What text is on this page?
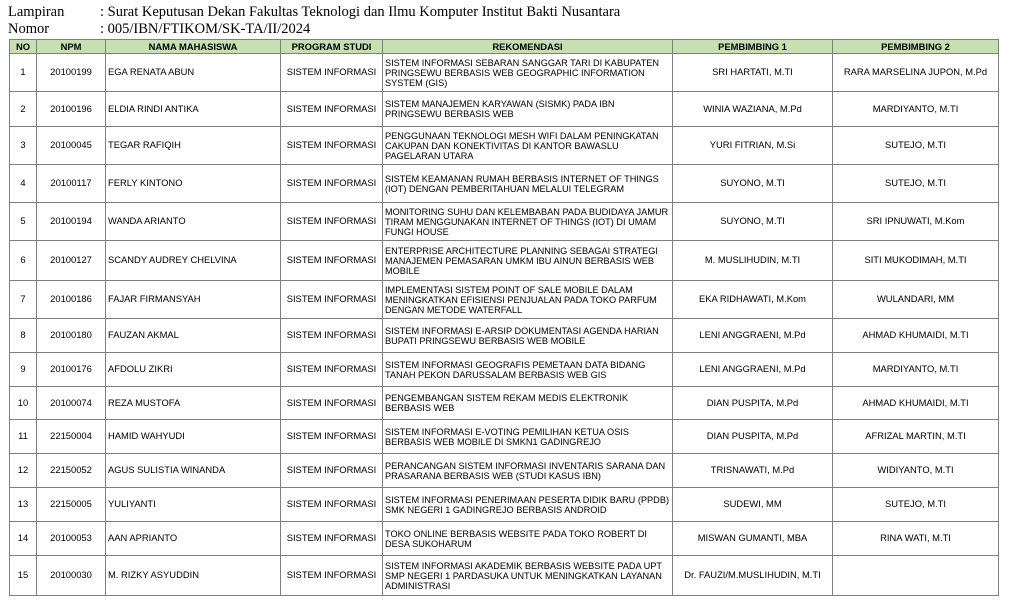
Lampiran	: Surat Keputusan Dekan Fakultas Teknologi dan Ilmu Komputer Institut Bakti Nusantara
Nomor	: 005/IBN/FTIKOM/SK-TA/II/2024
NO	NPM	NAMA MAHASISWA	PROGRAM STUDI	REKOMENDASI	PEMBIMBING 1	PEMBIMBING 2
1	20100199	EGA RENATA ABUN	SISTEM INFORMASI	SISTEM INFORMASI SEBARAN SANGGAR TARI DI KABUPATEN PRINGSEWU BERBASIS WEB GEOGRAPHIC INFORMATION SYSTEM (GIS)	SRI HARTATI, M.TI	RARA MARSELINA JUPON, M.Pd
2	20100196	ELDIA RINDI ANTIKA	SISTEM INFORMASI	SISTEM MANAJEMEN KARYAWAN (SISMK) PADA IBN PRINGSEWU BERBASIS WEB	WINIA WAZIANA, M.Pd	MARDIYANTO, M.TI
3	20100045	TEGAR RAFIQIH	SISTEM INFORMASI	PENGGUNAAN TEKNOLOGI MESH WIFI DALAM PENINGKATAN CAKUPAN DAN KONEKTIVITAS DI KANTOR BAWASLU PAGELARAN UTARA	YURI FITRIAN, M.Si	SUTEJO, M.TI
4	20100117	FERLY KINTONO	SISTEM INFORMASI	SISTEM KEAMANAN RUMAH BERBASIS INTERNET OF THINGS (IOT) DENGAN PEMBERITAHUAN MELALUI TELEGRAM	SUYONO, M.TI	SUTEJO, M.TI
5	20100194	WANDA ARIANTO	SISTEM INFORMASI	MONITORING SUHU DAN KELEMBABAN PADA BUDIDAYA JAMUR TIRAM MENGGUNAKAN INTERNET OF THINGS (IOT) DI UMAM FUNGI HOUSE	SUYONO, M.TI	SRI IPNUWATI, M.Kom
6	20100127	SCANDY AUDREY CHELVINA	SISTEM INFORMASI	ENTERPRISE ARCHITECTURE PLANNING SEBAGAI STRATEGI MANAJEMEN PEMASARAN UMKM IBU AINUN BERBASIS WEB MOBILE	M. MUSLIHUDIN, M.TI	SITI MUKODIMAH, M.TI
7	20100186	FAJAR FIRMANSYAH	SISTEM INFORMASI	IMPLEMENTASI SISTEM POINT OF SALE MOBILE DALAM MENINGKATKAN EFISIENSI PENJUALAN PADA TOKO PARFUM DENGAN METODE WATERFALL	EKA RIDHAWATI, M.Kom	WULANDARI, MM
8	20100180	FAUZAN AKMAL	SISTEM INFORMASI	SISTEM INFORMASI E-ARSIP DOKUMENTASI AGENDA HARIAN BUPATI PRINGSEWU BERBASIS WEB MOBILE	LENI ANGGRAENI, M.Pd	AHMAD KHUMAIDI, M.TI
9	20100176	AFDOLU ZIKRI	SISTEM INFORMASI	SISTEM INFORMASI GEOGRAFIS PEMETAAN DATA BIDANG TANAH PEKON DARUSSALAM BERBASIS WEB GIS	LENI ANGGRAENI, M.Pd	MARDIYANTO, M.TI
10	20100074	REZA MUSTOFA	SISTEM INFORMASI	PENGEMBANGAN SISTEM REKAM MEDIS ELEKTRONIK BERBASIS WEB	DIAN PUSPITA, M.Pd	AHMAD KHUMAIDI, M.TI
11	22150004	HAMID WAHYUDI	SISTEM INFORMASI	SISTEM INFORMASI E-VOTING PEMILIHAN KETUA OSIS BERBASIS WEB MOBILE DI SMKN1 GADINGREJO	DIAN PUSPITA, M.Pd	AFRIZAL MARTIN, M.TI
12	22150052	AGUS SULISTIA WINANDA	SISTEM INFORMASI	PERANCANGAN SISTEM INFORMASI INVENTARIS SARANA DAN PRASARANA BERBASIS WEB (STUDI KASUS IBN)	TRISNAWATI, M.Pd	WIDIYANTO, M.TI
13	22150005	YULIYANTI	SISTEM INFORMASI	SISTEM INFORMASI PENERIMAAN PESERTA DIDIK BARU (PPDB) SMK NEGERI 1 GADINGREJO BERBASIS ANDROID	SUDEWI, MM	SUTEJO, M.TI
14	20100053	AAN APRIANTO	SISTEM INFORMASI	TOKO ONLINE BERBASIS WEBSITE PADA TOKO ROBERT DI DESA SUKOHARUM	MISWAN GUMANTI, MBA	RINA WATI, M.TI
15	20100030	M. RIZKY ASYUDDIN	SISTEM INFORMASI	SISTEM INFORMASI AKADEMIK BERBASIS WEBSITE PADA UPT SMP NEGERI 1 PARDASUKA UNTUK MENINGKATKAN LAYANAN ADMINISTRASI	Dr. FAUZI/M.MUSLIHUDIN, M.TI	
